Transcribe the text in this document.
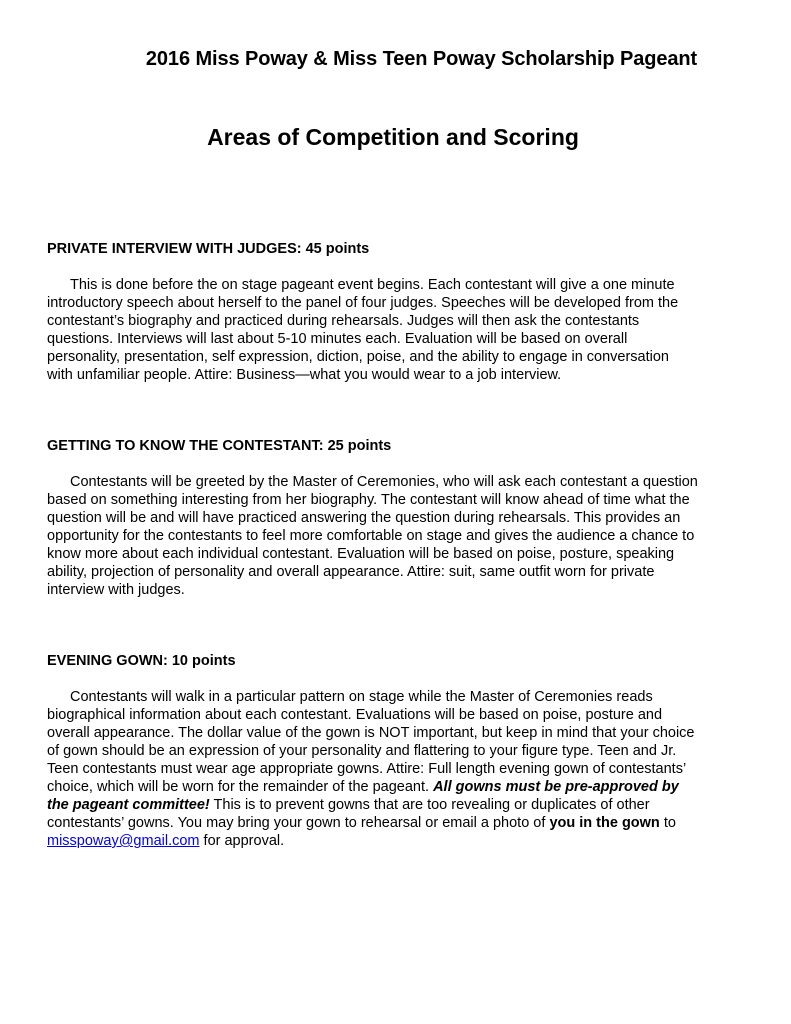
2016 Miss Poway & Miss Teen Poway Scholarship Pageant
Areas of Competition and Scoring
PRIVATE INTERVIEW WITH JUDGES: 45 points
This is done before the on stage pageant event begins. Each contestant will give a one minute
introductory speech about herself to the panel of four judges. Speeches will be developed from the
contestant’s biography and practiced during rehearsals. Judges will then ask the contestants
questions. Interviews will last about 5-10 minutes each. Evaluation will be based on overall
personality, presentation, self expression, diction, poise, and the ability to engage in conversation
with unfamiliar people. Attire: Business—what you would wear to a job interview.
GETTING TO KNOW THE CONTESTANT: 25 points
Contestants will be greeted by the Master of Ceremonies, who will ask each contestant a question
based on something interesting from her biography. The contestant will know ahead of time what the
question will be and will have practiced answering the question during rehearsals. This provides an
opportunity for the contestants to feel more comfortable on stage and gives the audience a chance to
know more about each individual contestant. Evaluation will be based on poise, posture, speaking
ability, projection of personality and overall appearance. Attire: suit, same outfit worn for private
interview with judges.
EVENING GOWN: 10 points
Contestants will walk in a particular pattern on stage while the Master of Ceremonies reads
biographical information about each contestant. Evaluations will be based on poise, posture and
overall appearance. The dollar value of the gown is NOT important, but keep in mind that your choice
of gown should be an expression of your personality and flattering to your figure type. Teen and Jr.
Teen contestants must wear age appropriate gowns. Attire: Full length evening gown of contestants’
choice, which will be worn for the remainder of the pageant. All gowns must be pre-approved by
the pageant committee! This is to prevent gowns that are too revealing or duplicates of other
contestants’ gowns. You may bring your gown to rehearsal or email a photo of you in the gown to
misspoway@gmail.com for approval.
